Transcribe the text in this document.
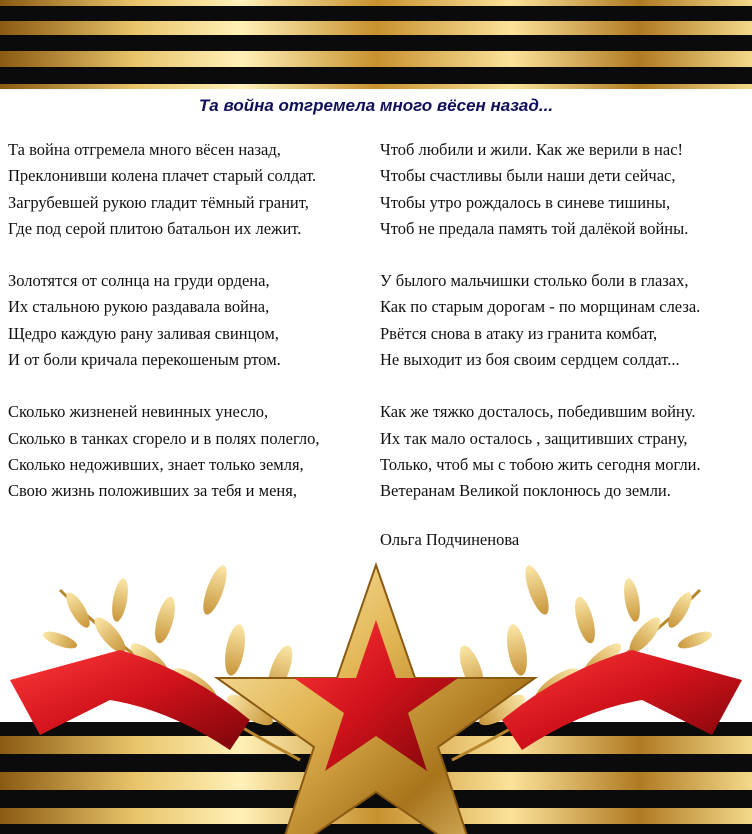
Та война отгремела много вёсен назад...
Та война отгремела много вёсен назад,
Преклонивши колена плачет старый солдат.
Загрубевшей рукою гладит тёмный гранит,
Где под серой плитою батальон их лежит.
Золотятся от солнца на груди ордена,
Их стальною рукою раздавала война,
Щедро каждую рану заливая свинцом,
И от боли кричала перекошеным ртом.
Сколько жизненей невинных унесло,
Сколько в танках сгорело и в полях полегло,
Сколько недоживших, знает только земля,
Свою жизнь положивших за тебя и меня,
Чтоб любили и жили. Как же верили в нас!
Чтобы счастливы были наши дети сейчас,
Чтобы утро рождалось в синеве тишины,
Чтоб не предала память той далёкой войны.
У былого мальчишки столько боли в глазах,
Как по старым дорогам - по морщинам слеза.
Рвётся снова в атаку из гранита комбат,
Не выходит из боя своим сердцем солдат...
Как же тяжко досталось, победившим войну.
Их так мало осталось , защитивших страну,
Только, чтоб мы с тобою жить сегодня могли.
Ветеранам Великой поклонюсь до земли.
Ольга Подчиненова
